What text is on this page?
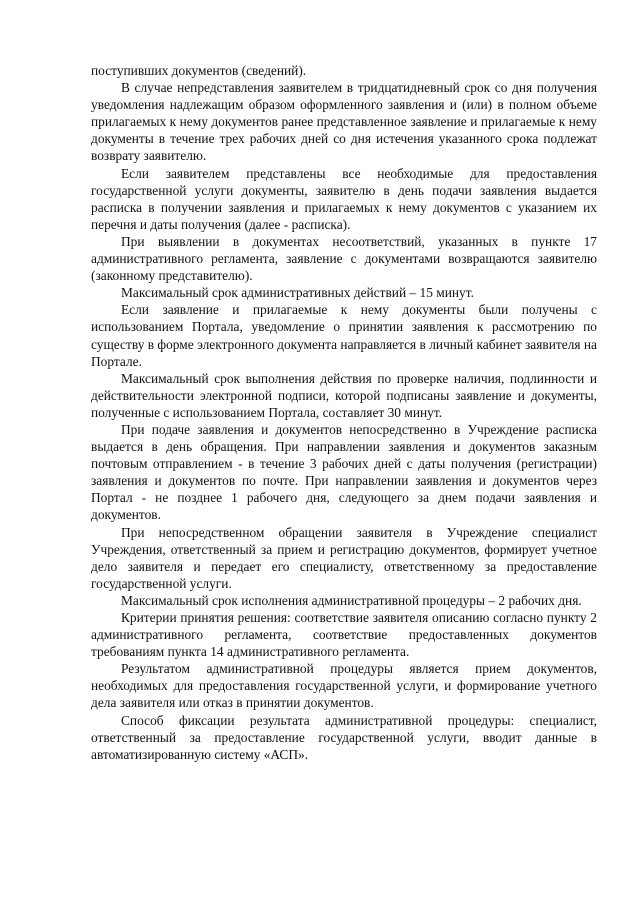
поступивших документов (сведений).

В случае непредставления заявителем в тридцатидневный срок со дня получения уведомления надлежащим образом оформленного заявления и (или) в полном объеме прилагаемых к нему документов ранее представленное заявление и прилагаемые к нему документы в течение трех рабочих дней со дня истечения указанного срока подлежат возврату заявителю.

Если заявителем представлены все необходимые для предоставления государственной услуги документы, заявителю в день подачи заявления выдается расписка в получении заявления и прилагаемых к нему документов с указанием их перечня и даты получения (далее - расписка).

При выявлении в документах несоответствий, указанных в пункте 17 административного регламента, заявление с документами возвращаются заявителю (законному представителю).

Максимальный срок административных действий – 15 минут.

Если заявление и прилагаемые к нему документы были получены с использованием Портала, уведомление о принятии заявления к рассмотрению по существу в форме электронного документа направляется в личный кабинет заявителя на Портале.

Максимальный срок выполнения действия по проверке наличия, подлинности и действительности электронной подписи, которой подписаны заявление и документы, полученные с использованием Портала, составляет 30 минут.

При подаче заявления и документов непосредственно в Учреждение расписка выдается в день обращения. При направлении заявления и документов заказным почтовым отправлением - в течение 3 рабочих дней с даты получения (регистрации) заявления и документов по почте. При направлении заявления и документов через Портал - не позднее 1 рабочего дня, следующего за днем подачи заявления и документов.

При непосредственном обращении заявителя в Учреждение специалист Учреждения, ответственный за прием и регистрацию документов, формирует учетное дело заявителя и передает его специалисту, ответственному за предоставление государственной услуги.

Максимальный срок исполнения административной процедуры – 2 рабочих дня.

Критерии принятия решения: соответствие заявителя описанию согласно пункту 2 административного регламента, соответствие предоставленных документов требованиям пункта 14 административного регламента.

Результатом административной процедуры является прием документов, необходимых для предоставления государственной услуги, и формирование учетного дела заявителя или отказ в принятии документов.

Способ фиксации результата административной процедуры: специалист, ответственный за предоставление государственной услуги, вводит данные в автоматизированную систему «АСП».
